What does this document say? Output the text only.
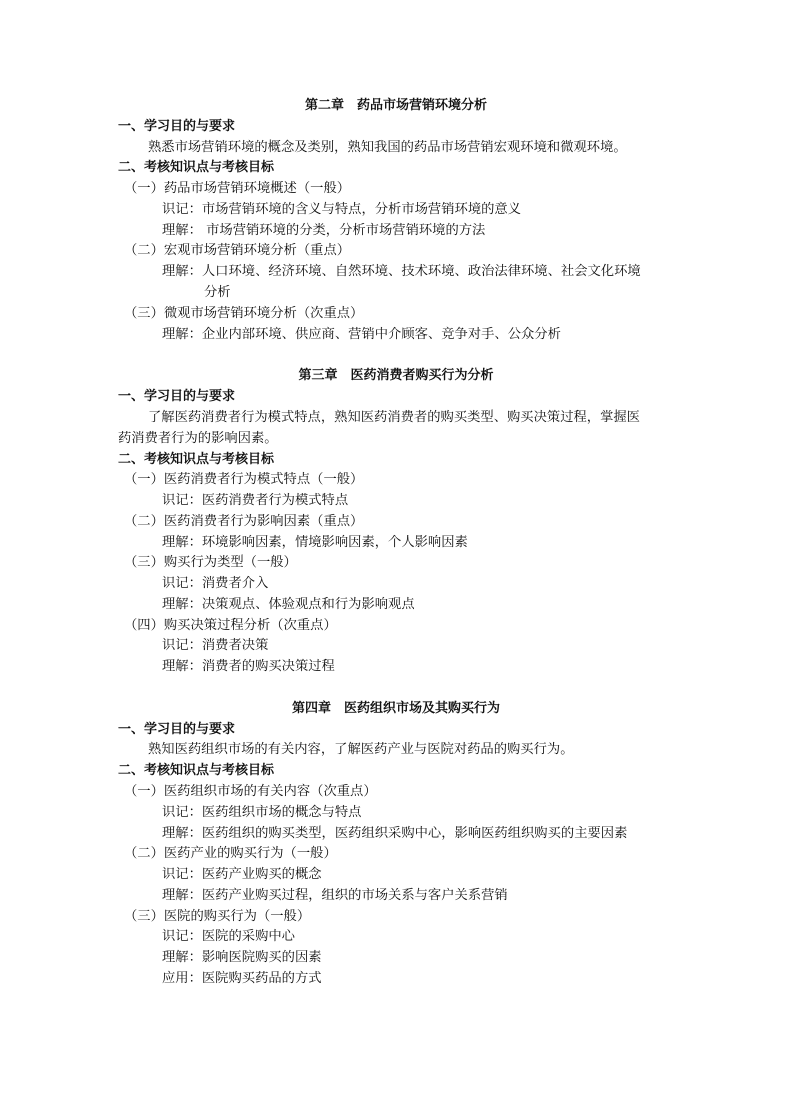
第二章　药品市场营销环境分析
一、学习目的与要求
熟悉市场营销环境的概念及类别，熟知我国的药品市场营销宏观环境和微观环境。
二、考核知识点与考核目标
（一）药品市场营销环境概述（一般）
识记：市场营销环境的含义与特点，分析市场营销环境的意义
理解： 市场营销环境的分类，分析市场营销环境的方法
（二）宏观市场营销环境分析（重点）
理解：人口环境、经济环境、自然环境、技术环境、政治法律环境、社会文化环境
分析
（三）微观市场营销环境分析（次重点）
理解：企业内部环境、供应商、营销中介顾客、竞争对手、公众分析
第三章　医药消费者购买行为分析
一、学习目的与要求
了解医药消费者行为模式特点，熟知医药消费者的购买类型、购买决策过程，掌握医
药消费者行为的影响因素。
二、考核知识点与考核目标
（一）医药消费者行为模式特点（一般）
识记：医药消费者行为模式特点
（二）医药消费者行为影响因素（重点）
理解：环境影响因素，情境影响因素，个人影响因素
（三）购买行为类型（一般）
识记：消费者介入
理解：决策观点、体验观点和行为影响观点
（四）购买决策过程分析（次重点）
识记：消费者决策
理解：消费者的购买决策过程
第四章　医药组织市场及其购买行为
一、学习目的与要求
熟知医药组织市场的有关内容，了解医药产业与医院对药品的购买行为。
二、考核知识点与考核目标
（一）医药组织市场的有关内容（次重点）
识记：医药组织市场的概念与特点
理解：医药组织的购买类型，医药组织采购中心，影响医药组织购买的主要因素
（二）医药产业的购买行为（一般）
识记：医药产业购买的概念
理解：医药产业购买过程，组织的市场关系与客户关系营销
（三）医院的购买行为（一般）
识记：医院的采购中心
理解：影响医院购买的因素
应用：医院购买药品的方式
